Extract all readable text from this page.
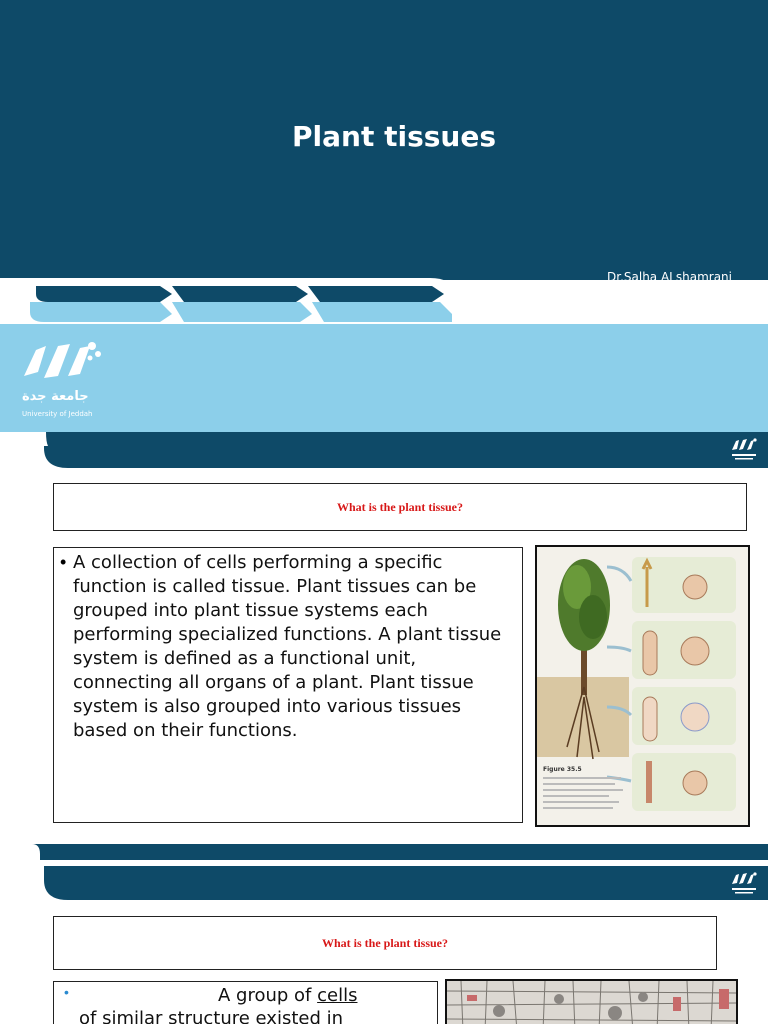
Plant tissues
Dr.Salha ALshamrani
جامعة جدة
University of Jeddah
What is the plant tissue?
• A collection of cells performing a specific function is called tissue. Plant tissues can be grouped into plant tissue systems each performing specialized functions. A plant tissue system is defined as a functional unit, connecting all organs of a plant. Plant tissue system is also grouped into various tissues based on their functions.
Figure 35.5
What is the plant tissue?
•	A group of cells
of similar structure existed in
